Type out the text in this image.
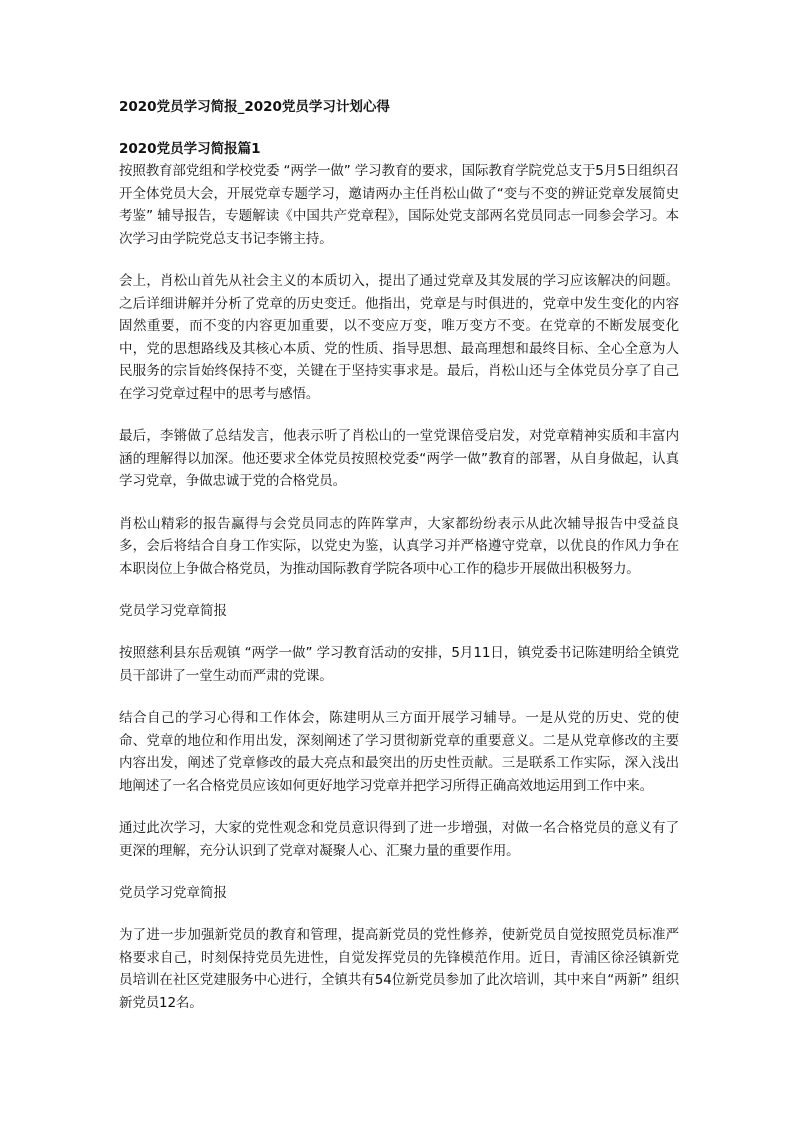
2020党员学习简报_2020党员学习计划心得
2020党员学习简报篇1

按照教育部党组和学校党委 “两学一做” 学习教育的要求，国际教育学院党总支于5月5日组织召开全体党员大会，开展党章专题学习，邀请两办主任肖松山做了“变与不变的辨证党章发展简史考鉴” 辅导报告，专题解读《中国共产党章程》，国际处党支部两名党员同志一同参会学习。本次学习由学院党总支书记李锵主持。

会上，肖松山首先从社会主义的本质切入，提出了通过党章及其发展的学习应该解决的问题。之后详细讲解并分析了党章的历史变迁。他指出，党章是与时俱进的，党章中发生变化的内容固然重要，而不变的内容更加重要，以不变应万变，唯万变方不变。在党章的不断发展变化中，党的思想路线及其核心本质、党的性质、指导思想、最高理想和最终目标、全心全意为人民服务的宗旨始终保持不变，关键在于坚持实事求是。最后，肖松山还与全体党员分享了自己在学习党章过程中的思考与感悟。

最后，李锵做了总结发言，他表示听了肖松山的一堂党课倍受启发，对党章精神实质和丰富内涵的理解得以加深。他还要求全体党员按照校党委“两学一做”教育的部署，从自身做起，认真学习党章，争做忠诚于党的合格党员。

肖松山精彩的报告赢得与会党员同志的阵阵掌声，大家都纷纷表示从此次辅导报告中受益良多，会后将结合自身工作实际，以党史为鉴，认真学习并严格遵守党章，以优良的作风力争在本职岗位上争做合格党员，为推动国际教育学院各项中心工作的稳步开展做出积极努力。

党员学习党章简报

按照慈利县东岳观镇 “两学一做” 学习教育活动的安排，5月11日，镇党委书记陈建明给全镇党员干部讲了一堂生动而严肃的党课。

结合自己的学习心得和工作体会，陈建明从三方面开展学习辅导。一是从党的历史、党的使命、党章的地位和作用出发，深刻阐述了学习贯彻新党章的重要意义。二是从党章修改的主要内容出发，阐述了党章修改的最大亮点和最突出的历史性贡献。三是联系工作实际，深入浅出地阐述了一名合格党员应该如何更好地学习党章并把学习所得正确高效地运用到工作中来。

通过此次学习，大家的党性观念和党员意识得到了进一步增强，对做一名合格党员的意义有了更深的理解，充分认识到了党章对凝聚人心、汇聚力量的重要作用。

党员学习党章简报

为了进一步加强新党员的教育和管理，提高新党员的党性修养，使新党员自觉按照党员标准严格要求自己，时刻保持党员先进性，自觉发挥党员的先锋模范作用。近日，青浦区徐泾镇新党员培训在社区党建服务中心进行，全镇共有54位新党员参加了此次培训，其中来自“两新” 组织新党员12名。
